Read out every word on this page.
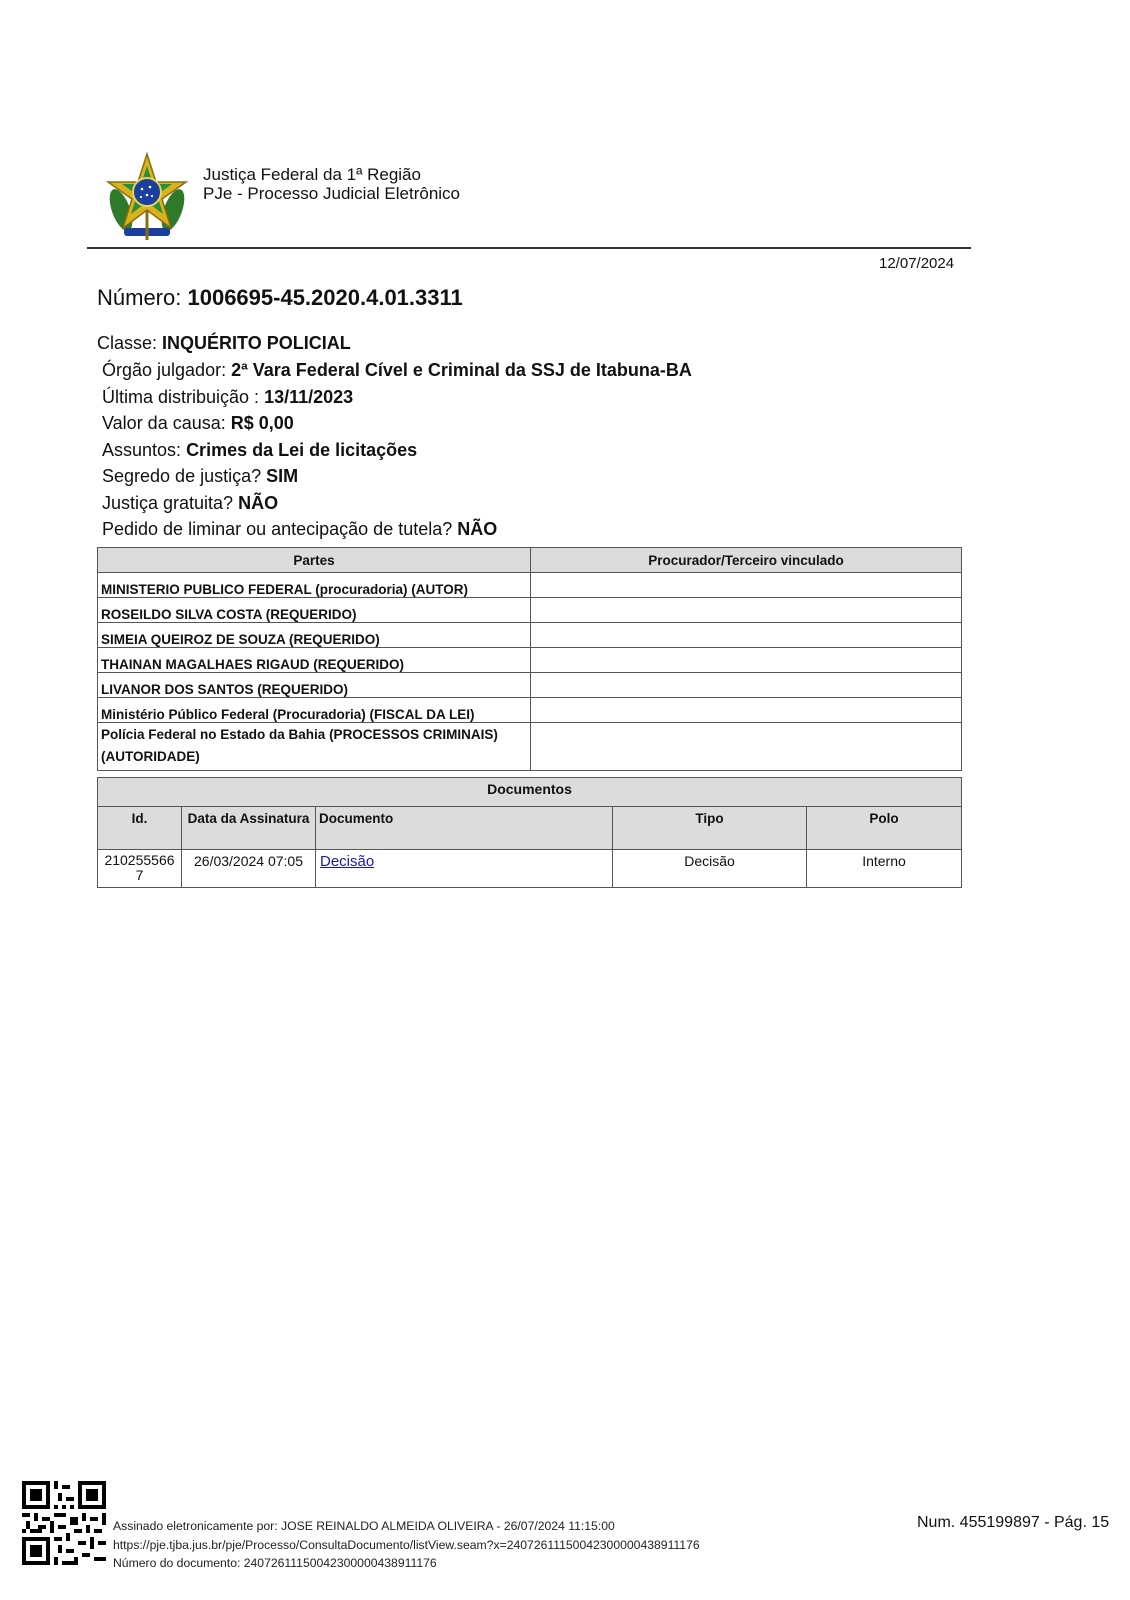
Justiça Federal da 1ª Região
PJe - Processo Judicial Eletrônico
12/07/2024
Número: 1006695-45.2020.4.01.3311
Classe: INQUÉRITO POLICIAL
Órgão julgador: 2ª Vara Federal Cível e Criminal da SSJ de Itabuna-BA
Última distribuição : 13/11/2023
Valor da causa: R$ 0,00
Assuntos: Crimes da Lei de licitações
Segredo de justiça? SIM
Justiça gratuita? NÃO
Pedido de liminar ou antecipação de tutela? NÃO
Partes	Procurador/Terceiro vinculado
MINISTERIO PUBLICO FEDERAL (procuradoria) (AUTOR)	
ROSEILDO SILVA COSTA (REQUERIDO)	
SIMEIA QUEIROZ DE SOUZA (REQUERIDO)	
THAINAN MAGALHAES RIGAUD (REQUERIDO)	
LIVANOR DOS SANTOS (REQUERIDO)	
Ministério Público Federal (Procuradoria) (FISCAL DA LEI)	
Polícia Federal no Estado da Bahia (PROCESSOS CRIMINAIS) (AUTORIDADE)	
Documentos				
Id.	Data da Assinatura	Documento	Tipo	Polo

210255566
7	26/03/2024 07:05	Decisão	Decisão	Interno
Assinado eletronicamente por: JOSE REINALDO ALMEIDA OLIVEIRA - 26/07/2024 11:15:00
https://pje.tjba.jus.br/pje/Processo/ConsultaDocumento/listView.seam?x=24072611150042300000438911176
Número do documento: 24072611150042300000438911176
Num. 455199897 - Pág. 15
